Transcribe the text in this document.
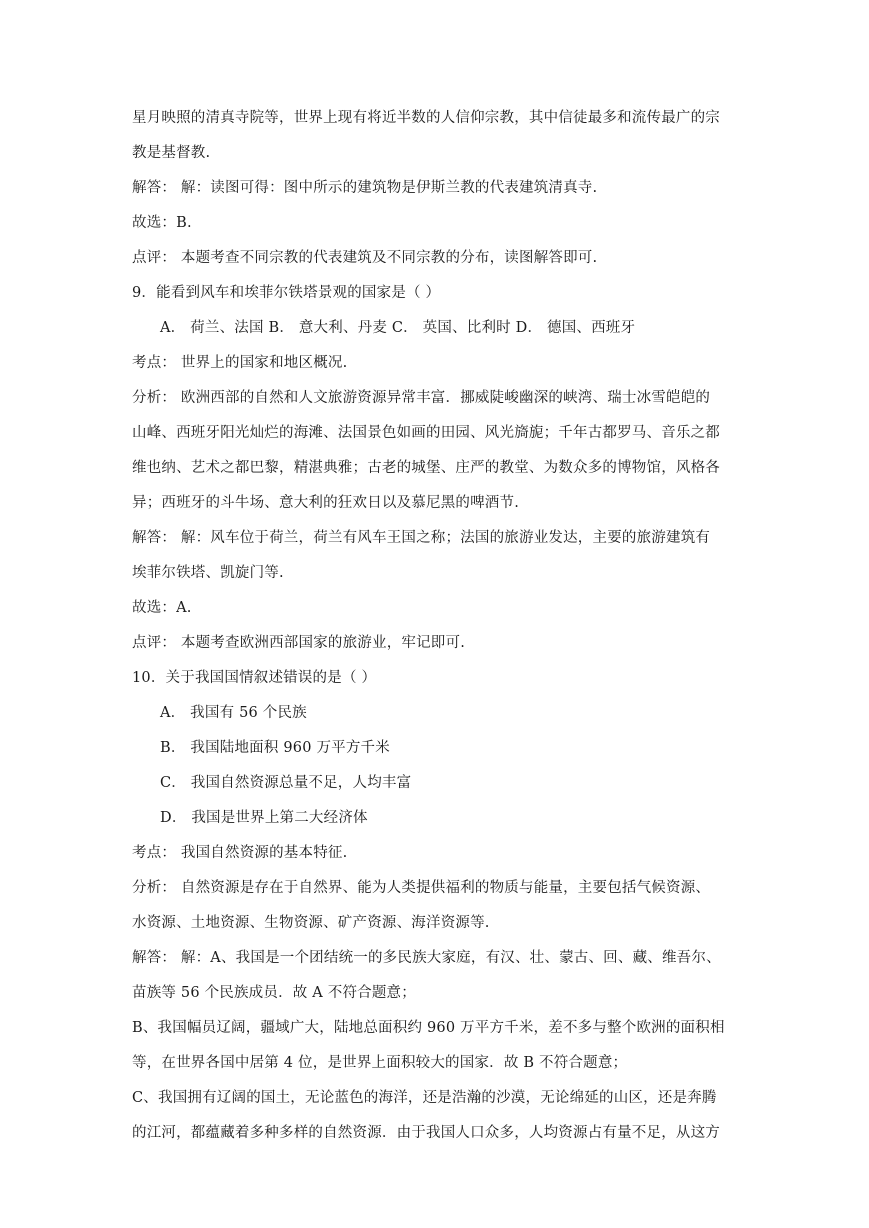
星月映照的清真寺院等，世界上现有将近半数的人信仰宗教，其中信徒最多和流传最广的宗
教是基督教.
解答： 解：读图可得：图中所示的建筑物是伊斯兰教的代表建筑清真寺.
故选：B.
点评： 本题考查不同宗教的代表建筑及不同宗教的分布，读图解答即可.
9．能看到风车和埃菲尔铁塔景观的国家是（ ）
A． 荷兰、法国 B． 意大利、丹麦 C． 英国、比利时 D． 德国、西班牙
考点： 世界上的国家和地区概况.
分析： 欧洲西部的自然和人文旅游资源异常丰富．挪威陡峻幽深的峡湾、瑞士冰雪皑皑的
山峰、西班牙阳光灿烂的海滩、法国景色如画的田园、风光旖旎；千年古都罗马、音乐之都
维也纳、艺术之都巴黎，精湛典雅；古老的城堡、庄严的教堂、为数众多的博物馆，风格各
异；西班牙的斗牛场、意大利的狂欢日以及慕尼黑的啤酒节.
解答： 解：风车位于荷兰，荷兰有风车王国之称；法国的旅游业发达，主要的旅游建筑有
埃菲尔铁塔、凯旋门等.
故选：A.
点评： 本题考查欧洲西部国家的旅游业，牢记即可.
10．关于我国国情叙述错误的是（ ）
A． 我国有 56 个民族
B． 我国陆地面积 960 万平方千米
C． 我国自然资源总量不足，人均丰富
D． 我国是世界上第二大经济体
考点： 我国自然资源的基本特征.
分析： 自然资源是存在于自然界、能为人类提供福利的物质与能量，主要包括气候资源、
水资源、土地资源、生物资源、矿产资源、海洋资源等.
解答： 解：A、我国是一个团结统一的多民族大家庭，有汉、壮、蒙古、回、藏、维吾尔、
苗族等 56 个民族成员．故 A 不符合题意；
B、我国幅员辽阔，疆域广大，陆地总面积约 960 万平方千米，差不多与整个欧洲的面积相
等，在世界各国中居第 4 位，是世界上面积较大的国家．故 B 不符合题意；
C、我国拥有辽阔的国土，无论蓝色的海洋，还是浩瀚的沙漠，无论绵延的山区，还是奔腾
的江河，都蕴藏着多种多样的自然资源．由于我国人口众多，人均资源占有量不足，从这方
